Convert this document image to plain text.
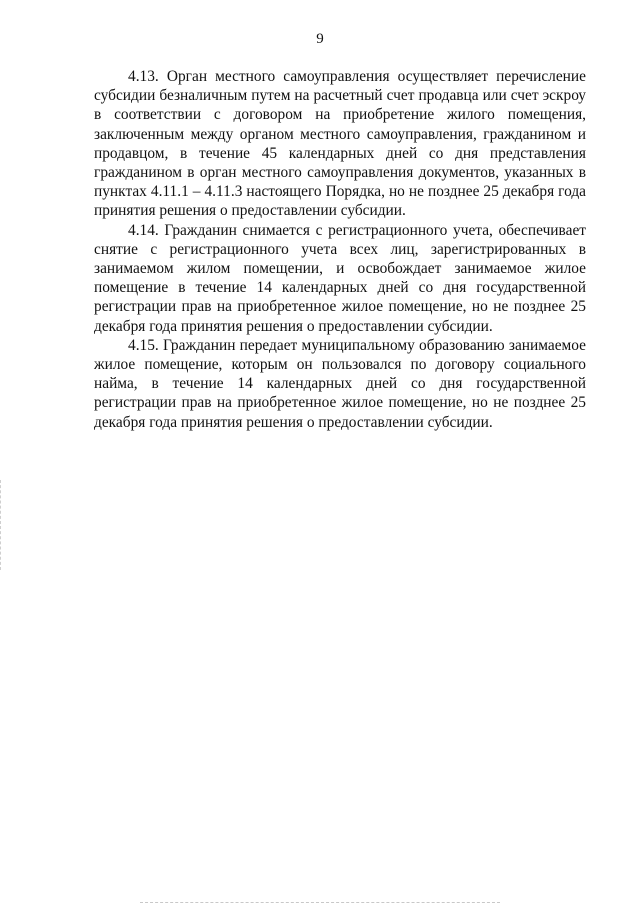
9

4.13. Орган местного самоуправления осуществляет перечисление субсидии безналичным путем на расчетный счет продавца или счет эскроу в соответствии с договором на приобретение жилого помещения, заключенным между органом местного самоуправления, гражданином и продавцом, в течение 45 календарных дней со дня представления гражданином в орган местного самоуправления документов, указанных в пунктах 4.11.1 – 4.11.3 настоящего Порядка, но не позднее 25 декабря года принятия решения о предоставлении субсидии.

4.14. Гражданин снимается с регистрационного учета, обеспечивает снятие с регистрационного учета всех лиц, зарегистрированных в занимаемом жилом помещении, и освобождает занимаемое жилое помещение в течение 14 календарных дней со дня государственной регистрации прав на приобретенное жилое помещение, но не позднее 25 декабря года принятия решения о предоставлении субсидии.

4.15. Гражданин передает муниципальному образованию занимаемое жилое помещение, которым он пользовался по договору социального найма, в течение 14 календарных дней со дня государственной регистрации прав на приобретенное жилое помещение, но не позднее 25 декабря года принятия решения о предоставлении субсидии.
